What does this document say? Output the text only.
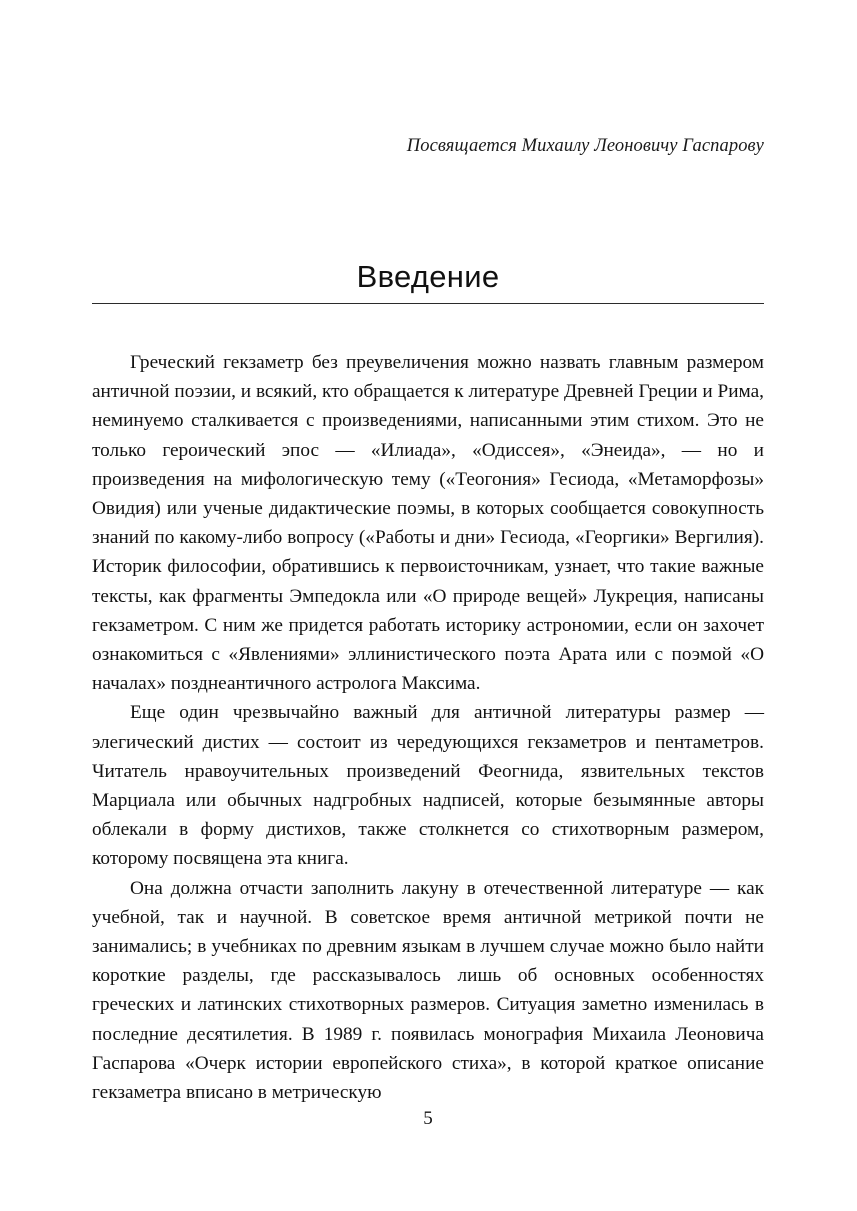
Посвящается Михаилу Леоновичу Гаспарову
Введение

Греческий гекзаметр без преувеличения можно назвать главным размером античной поэзии, и всякий, кто обращается к литературе Древней Греции и Рима, неминуемо сталкивается с произведениями, написанными этим стихом. Это не только героический эпос — «Илиада», «Одиссея», «Энеида», — но и произведения на мифологическую тему («Теогония» Гесиода, «Метаморфозы» Овидия) или ученые дидактические поэмы, в которых сообщается совокупность знаний по какому-либо вопросу («Работы и дни» Гесиода, «Георгики» Вергилия). Историк философии, обратившись к первоисточникам, узнает, что такие важные тексты, как фрагменты Эмпедокла или «О природе вещей» Лукреция, написаны гекзаметром. С ним же придется работать историку астрономии, если он захочет ознакомиться с «Явлениями» эллинистического поэта Арата или с поэмой «О началах» позднеантичного астролога Максима.

Еще один чрезвычайно важный для античной литературы размер — элегический дистих — состоит из чередующихся гекзаметров и пентаметров. Читатель нравоучительных произведений Феогнида, язвительных текстов Марциала или обычных надгробных надписей, которые безымянные авторы облекали в форму дистихов, также столкнется со стихотворным размером, которому посвящена эта книга.

Она должна отчасти заполнить лакуну в отечественной литературе — как учебной, так и научной. В советское время античной метрикой почти не занимались; в учебниках по древним языкам в лучшем случае можно было найти короткие разделы, где рассказывалось лишь об основных особенностях греческих и латинских стихотворных размеров. Ситуация заметно изменилась в последние десятилетия. В 1989 г. появилась монография Михаила Леоновича Гаспарова «Очерк истории европейского стиха», в которой краткое описание гекзаметра вписано в метрическую

5
